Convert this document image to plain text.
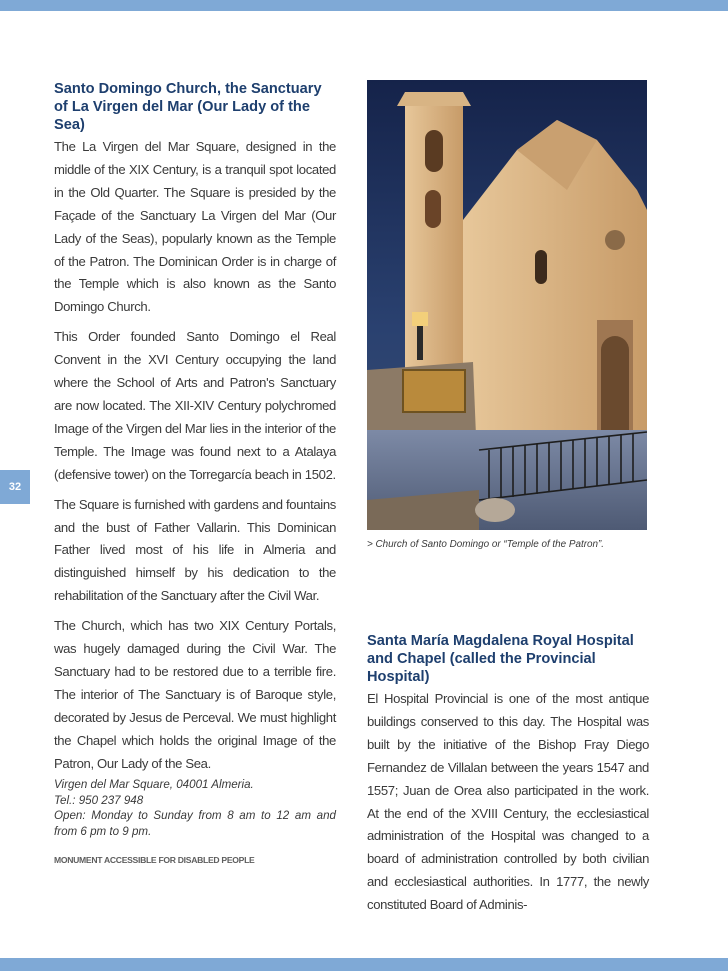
32
Santo Domingo Church, the Sanctuary of La Virgen del Mar (Our Lady of the Sea)

The La Virgen del Mar Square, designed in the middle of the XIX Century, is a tranquil spot located in the Old Quarter. The Square is presided by the Façade of the Sanctuary La Virgen del Mar (Our Lady of the Seas), popularly known as the Temple of the Patron. The Dominican Order is in charge of the Temple which is also known as the Santo Domingo Church.

This Order founded Santo Domingo el Real Convent in the XVI Century occupying the land where the School of Arts and Patron's Sanctuary are now located. The XII-XIV Century polychromed Image of the Virgen del Mar lies in the interior of the Temple. The Image was found next to a Atalaya (defensive tower) on the Torregarcía beach in 1502.

The Square is furnished with gardens and fountains and the bust of Father Vallarin. This Dominican Father lived most of his life in Almeria and distinguished himself by his dedication to the rehabilitation of the Sanctuary after the Civil War.

The Church, which has two XIX Century Portals, was hugely damaged during the Civil War. The Sanctuary had to be restored due to a terrible fire. The interior of The Sanctuary is of Baroque style, decorated by Jesus de Perceval. We must highlight the Chapel which holds the original Image of the Patron, Our Lady of the Sea.

Virgen del Mar Square, 04001 Almeria.

Tel.: 950 237 948

Open: Monday to Sunday from 8 am to 12 am and from 6 pm to 9 pm.

MONUMENT ACCESSIBLE FOR DISABLED PEOPLE
> Church of Santo Domingo or “Temple of the Patron”.
Santa María Magdalena Royal Hospital and Chapel (called the Provincial Hospital)

El Hospital Provincial is one of the most antique buildings conserved to this day. The Hospital was built by the initiative of the Bishop Fray Diego Fernandez de Villalan between the years 1547 and 1557; Juan de Orea also participated in the work. At the end of the XVIII Century, the ecclesiastical administration of the Hospital was changed to a board of administration controlled by both civilian and ecclesiastical authorities. In 1777, the newly constituted Board of Adminis-
